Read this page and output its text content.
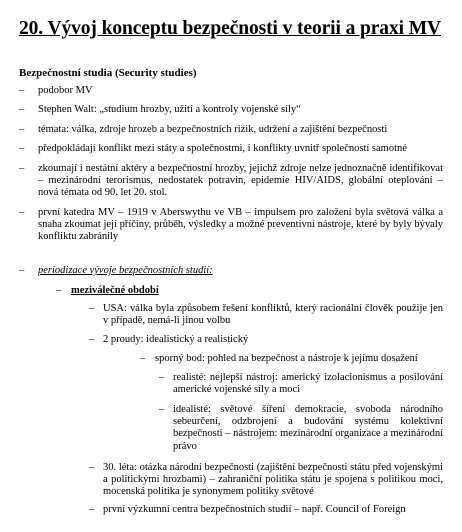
20. Vývoj konceptu bezpečnosti v teorii a praxi MV
Bezpečnostní studia (Security studies)
– podobor MV
– Stephen Walt: „studium hrozby, užití a kontroly vojenské síly“
– témata: válka, zdroje hrozeb a bezpečnostních rizik, udržení a zajištění bezpečnosti
– předpokládají konflikt mezi státy a společnostmi, i konflikty uvnitř společností samotné
– zkoumají i nestátní aktéry a bezpečnostní hrozby, jejichž zdroje nelze jednoznačně identifikovat – mezinárodní terorismus, nedostatek potravin, epidemie HIV/AIDS, globální oteplování – nová témata od 90. let 20. stol.
– první katedra MV – 1919 v Aberswythu ve VB – impulsem pro založení byla světová válka a snaha zkoumat její příčiny, průběh, výsledky a možné preventivní nástroje, které by byly bývaly konfliktu zabránily
– periodizace vývoje bezpečnostních studií:
– meziválečné období
– USA: válka byla způsobem řešení konfliktů, který racionální člověk použije jen v případě, nemá-li jinou volbu
– 2 proudy: idealistický a realistický
– sporný bod: pohled na bezpečnost a nástroje k jejímu dosažení
– realisté: nejlepší nástroj: americký izolacionismus a posilování americké vojenské síly a moci
– idealisté: světové šíření demokracie, svoboda národního sebeurčení, odzbrojení a budování systému kolektivní bezpečnosti – nástrojem: mezinárodní organizace a mezinárodní právo
– 30. léta: otázka národní bezpečnosti (zajištění bezpečnosti státu před vojenskými a politickými hrozbami) – zahraniční politika státu je spojena s politikou moci, mocenská politika je synonymem politiky světové
– první výzkumní centra bezpečnostních studií – např. Council of Foreign
